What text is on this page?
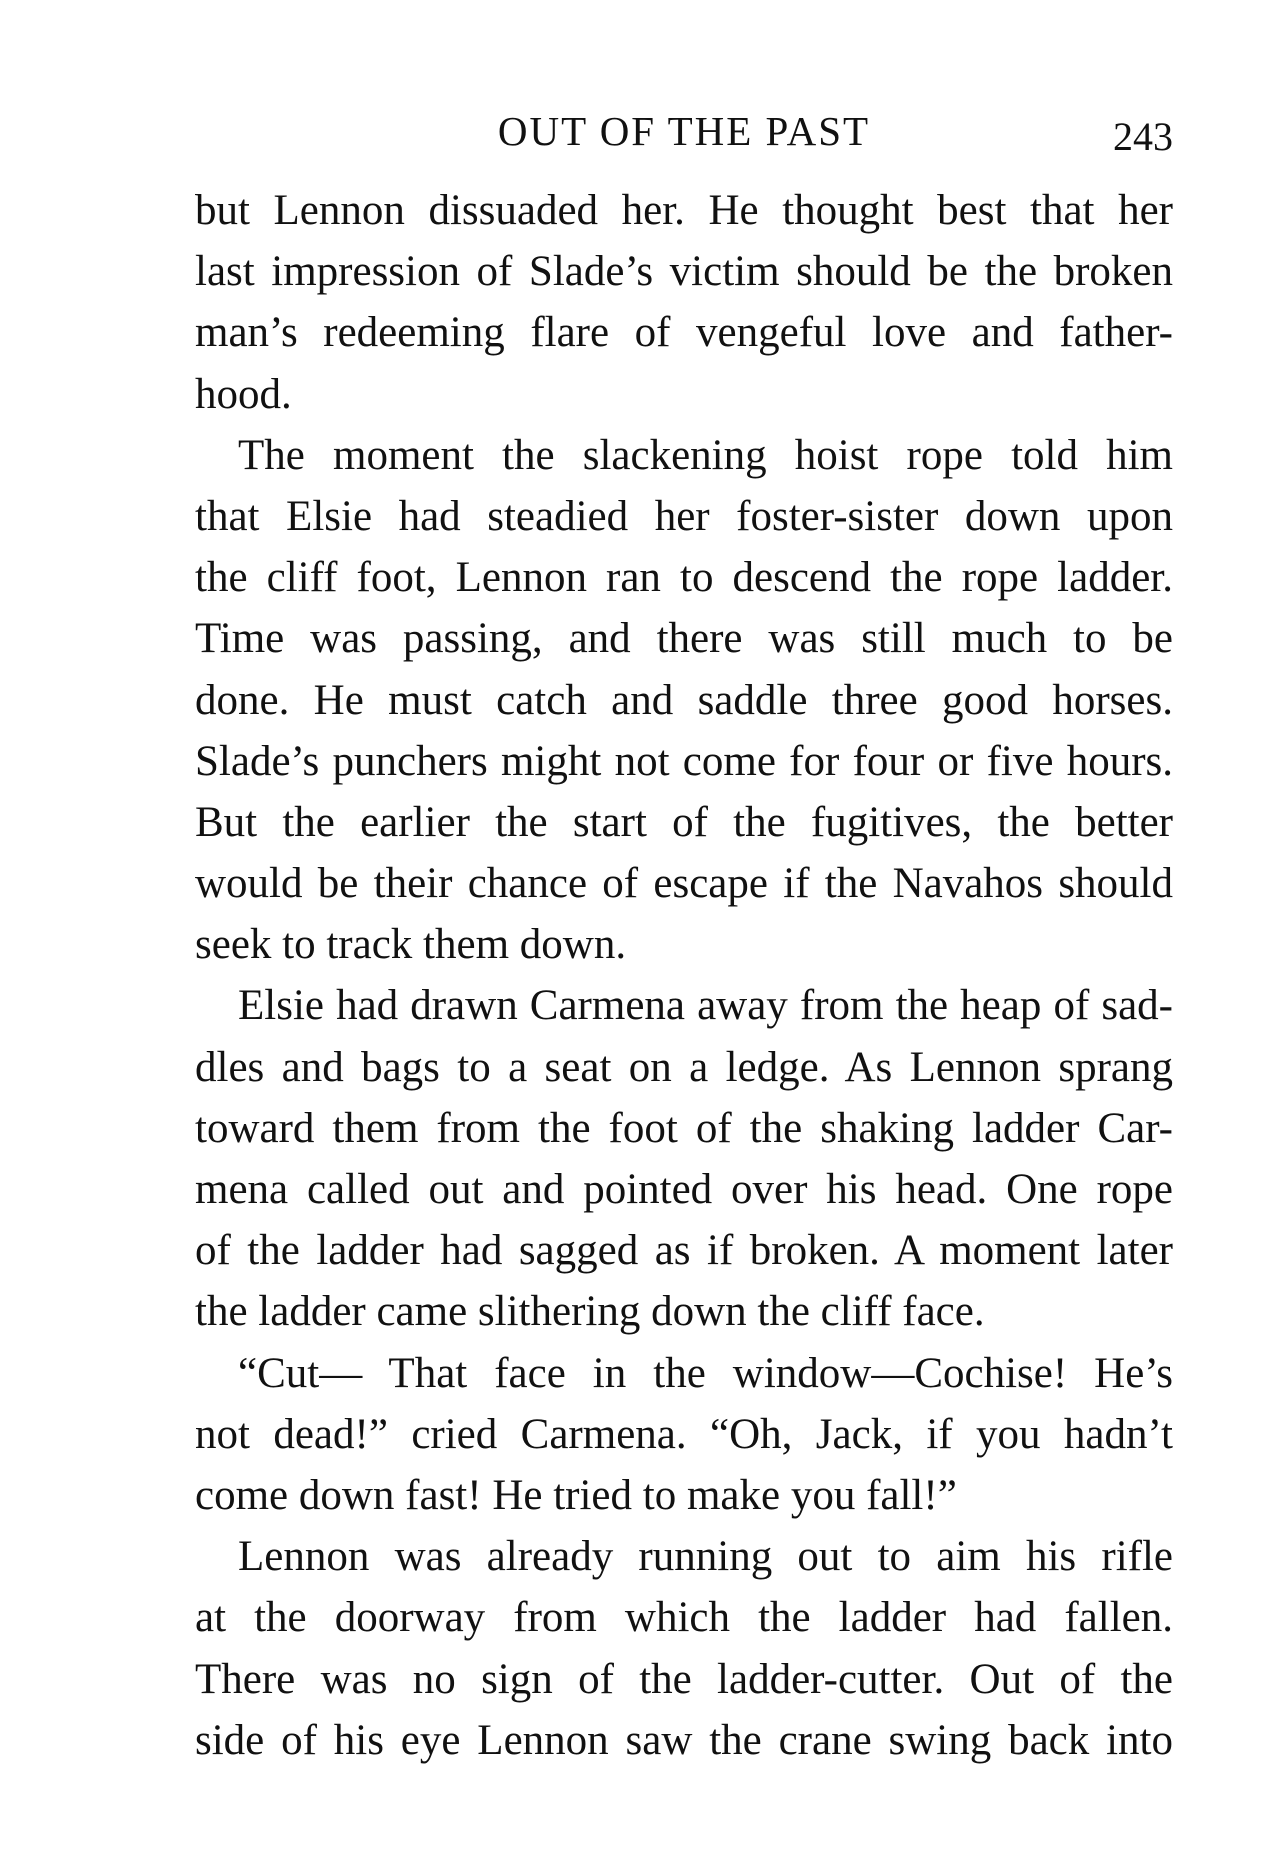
OUT OF THE PAST	243
but Lennon dissuaded her. He thought best that her
last impression of Slade’s victim should be the broken
man’s redeeming flare of vengeful love and father-
hood.
The moment the slackening hoist rope told him
that Elsie had steadied her foster-sister down upon
the cliff foot, Lennon ran to descend the rope ladder.
Time was passing, and there was still much to be
done. He must catch and saddle three good horses.
Slade’s punchers might not come for four or five hours.
But the earlier the start of the fugitives, the better
would be their chance of escape if the Navahos should
seek to track them down.
Elsie had drawn Carmena away from the heap of sad-
dles and bags to a seat on a ledge. As Lennon sprang
toward them from the foot of the shaking ladder Car-
mena called out and pointed over his head. One rope
of the ladder had sagged as if broken. A moment later
the ladder came slithering down the cliff face.
“Cut— That face in the window—Cochise! He’s
not dead!” cried Carmena. “Oh, Jack, if you hadn’t
come down fast! He tried to make you fall!”
Lennon was already running out to aim his rifle
at the doorway from which the ladder had fallen.
There was no sign of the ladder-cutter. Out of the
side of his eye Lennon saw the crane swing back into
